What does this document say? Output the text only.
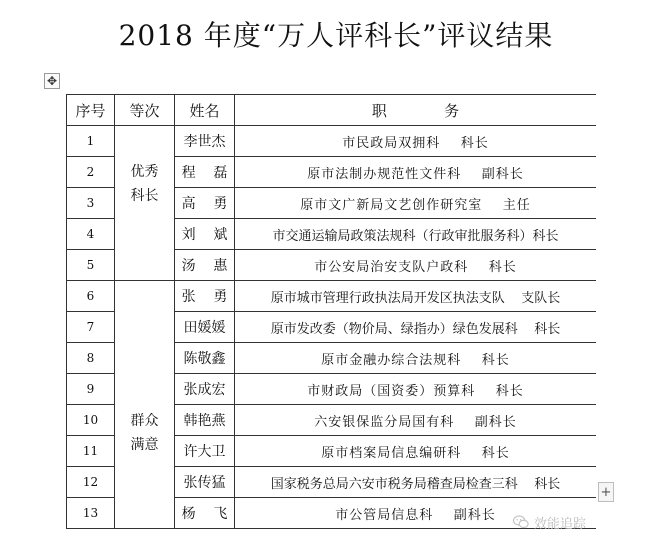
2018 年度“万人评科长”评议结果
✥
序号	等次	姓名	职            务
1	优秀科长	李世杰	市民政局双拥科    科长
2		程    磊	原市法制办规范性文件科    副科长
3		高    勇	原市文广新局文艺创作研究室    主任
4		刘    斌	市交通运输局政策法规科（行政审批服务科）科长
5		汤    惠	市公安局治安支队户政科    科长
6	群众满意	张    勇	原市城市管理行政执法局开发区执法支队    支队长
7		田媛媛	原市发改委（物价局、绿指办）绿色发展科    科长
8		陈敬鑫	原市金融办综合法规科    科长
9		张成宏	市财政局（国资委）预算科    科长
10		韩艳燕	六安银保监分局国有科    副科长
11		许大卫	原市档案局信息编研科    科长
12		张传猛	国家税务总局六安市税务局稽查局检查三科    科长
13		杨    飞	市公管局信息科    副科长
+
效能追踪
